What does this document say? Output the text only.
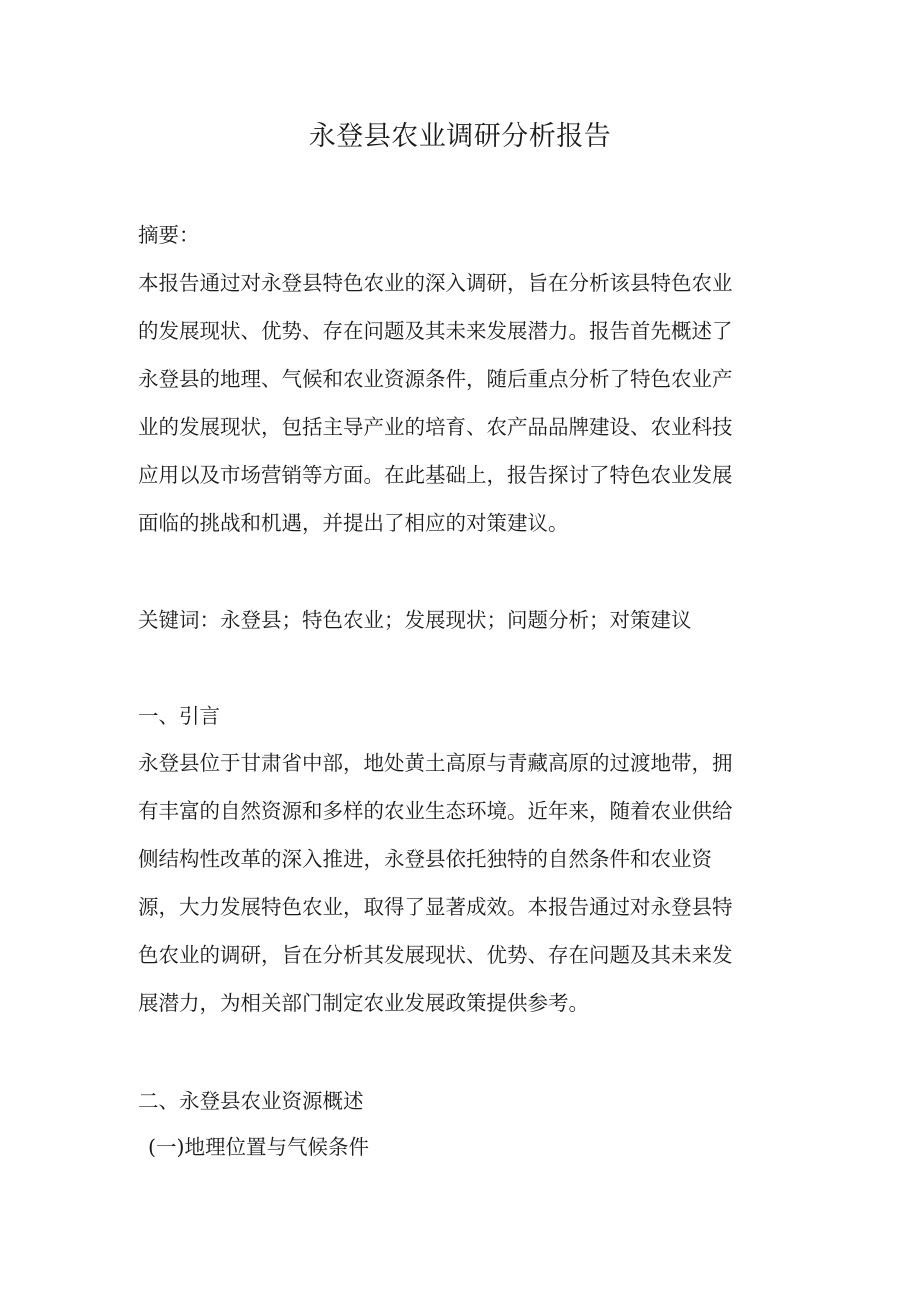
永登县农业调研分析报告
摘要：
本报告通过对永登县特色农业的深入调研，旨在分析该县特色农业
的发展现状、优势、存在问题及其未来发展潜力。报告首先概述了
永登县的地理、气候和农业资源条件，随后重点分析了特色农业产
业的发展现状，包括主导产业的培育、农产品品牌建设、农业科技
应用以及市场营销等方面。在此基础上，报告探讨了特色农业发展
面临的挑战和机遇，并提出了相应的对策建议。
关键词：永登县；特色农业；发展现状；问题分析；对策建议
一、引言
永登县位于甘肃省中部，地处黄土高原与青藏高原的过渡地带，拥
有丰富的自然资源和多样的农业生态环境。近年来，随着农业供给
侧结构性改革的深入推进，永登县依托独特的自然条件和农业资
源，大力发展特色农业，取得了显著成效。本报告通过对永登县特
色农业的调研，旨在分析其发展现状、优势、存在问题及其未来发
展潜力，为相关部门制定农业发展政策提供参考。
二、永登县农业资源概述
(一)地理位置与气候条件
